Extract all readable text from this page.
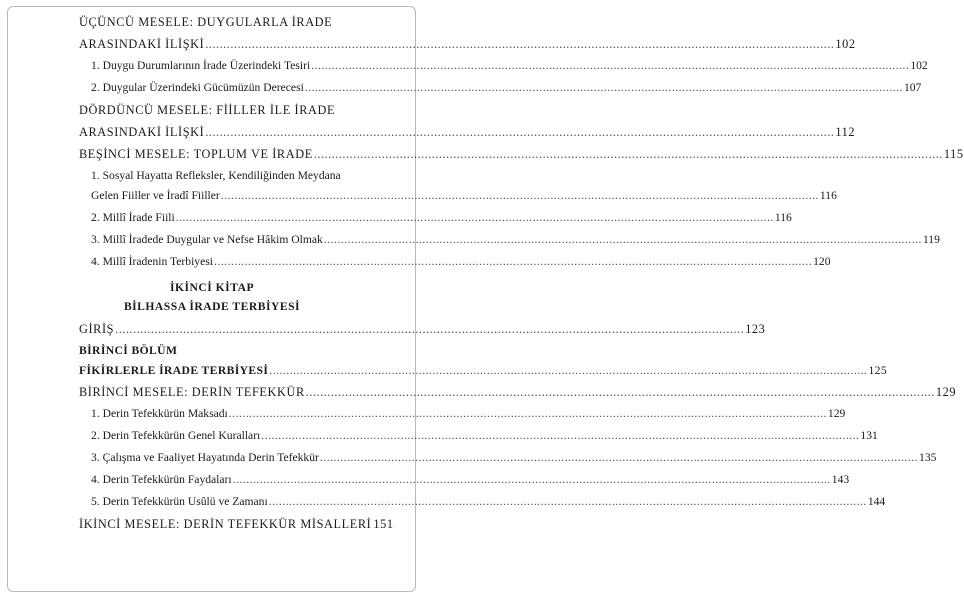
ÜÇÜNCÜ MESELE: DUYGULARLA İRADE
ARASINDAKİ İLİŞKİ ................................................................................................................................................................................ 102
1. Duygu Durumlarının İrade Üzerindeki Tesiri ................................................................................................................................................................................ 102
2. Duygular Üzerindeki Gücümüzün Derecesi ................................................................................................................................................................................ 107
DÖRDÜNCÜ MESELE: FİİLLER İLE İRADE
ARASINDAKİ İLİŞKİ ................................................................................................................................................................................ 112
BEŞİNCİ MESELE: TOPLUM VE İRADE ................................................................................................................................................................................ 115
1. Sosyal Hayatta Refleksler, Kendiliğinden Meydana
Gelen Fiiller ve İradî Fiiller ................................................................................................................................................................................ 116
2. Millî İrade Fiili ................................................................................................................................................................................ 116
3. Millî İradede Duygular ve Nefse Hâkim Olmak ................................................................................................................................................................................ 119
4. Millî İradenin Terbiyesi ................................................................................................................................................................................ 120
İKİNCİ KİTAP
BİLHASSA İRADE TERBİYESİ
GİRİŞ ................................................................................................................................................................................ 123
BİRİNCİ BÖLÜM
FİKİRLERLE İRADE TERBİYESİ ................................................................................................................................................................................ 125
BİRİNCİ MESELE: DERİN TEFEKKÜR ................................................................................................................................................................................ 129
1. Derin Tefekkürün Maksadı ................................................................................................................................................................................ 129
2. Derin Tefekkürün Genel Kuralları ................................................................................................................................................................................ 131
3. Çalışma ve Faaliyet Hayatında Derin Tefekkür ................................................................................................................................................................................ 135
4. Derin Tefekkürün Faydaları ................................................................................................................................................................................ 143
5. Derin Tefekkürün Usûlü ve Zamanı ................................................................................................................................................................................ 144
İKİNCİ MESELE: DERİN TEFEKKÜR MİSALLERİ 151
